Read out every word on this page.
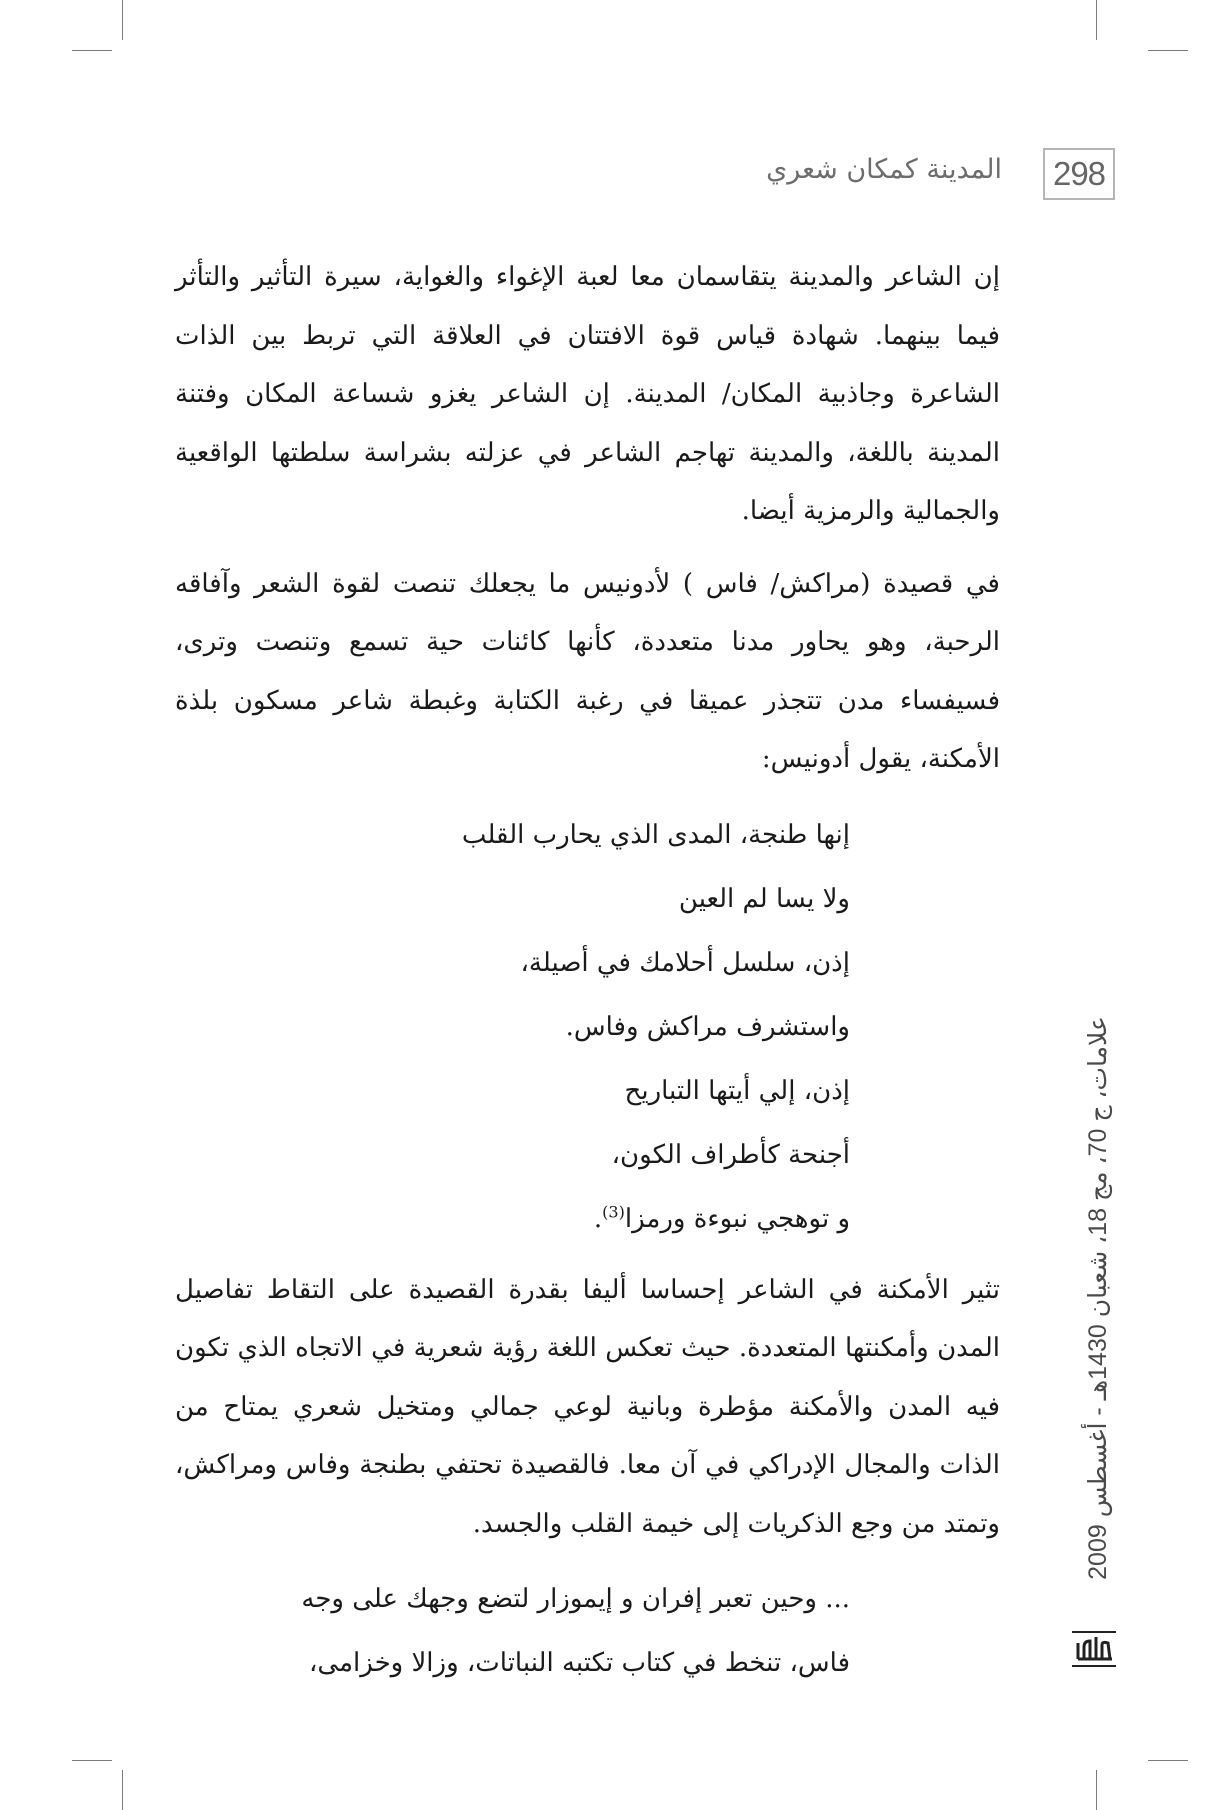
298
المدينة كمكان شعري

إن الشاعر والمدينة يتقاسمان معا لعبة الإغواء والغواية، سيرة التأثير والتأثر فيما بينهما. شهادة قياس قوة الافتتان في العلاقة التي تربط بين الذات الشاعرة وجاذبية المكان/ المدينة. إن الشاعر يغزو شساعة المكان وفتنة المدينة باللغة، والمدينة تهاجم الشاعر في عزلته بشراسة سلطتها الواقعية والجمالية والرمزية أيضا.

في قصيدة (مراكش/ فاس ) لأدونيس ما يجعلك تنصت لقوة الشعر وآفاقه الرحبة، وهو يحاور مدنا متعددة، كأنها كائنات حية تسمع وتنصت وترى، فسيفساء مدن تتجذر عميقا في رغبة الكتابة وغبطة شاعر مسكون بلذة الأمكنة، يقول أدونيس:

إنها طنجة، المدى الذي يحارب القلب
ولا يسا لم العين
إذن، سلسل أحلامك في أصيلة،
واستشرف مراكش وفاس.
إذن، إلي أيتها التباريح
أجنحة كأطراف الكون،
و توهجي نبوءة ورمزا$^{(3)}$.

تثير الأمكنة في الشاعر إحساسا أليفا بقدرة القصيدة على التقاط تفاصيل المدن وأمكنتها المتعددة. حيث تعكس اللغة رؤية شعرية في الاتجاه الذي تكون فيه المدن والأمكنة مؤطرة وبانية لوعي جمالي ومتخيل شعري يمتاح من الذات والمجال الإدراكي في آن معا. فالقصيدة تحتفي بطنجة وفاس ومراكش، وتمتد من وجع الذكريات إلى خيمة القلب والجسد.

... وحين تعبر إفران و إيموزار لتضع وجهك على وجه
فاس، تنخط في كتاب تكتبه النباتات، وزالا وخزامى،
علامات، ج 70، مج 18، شعبان 1430هـ - أغسطس 2009
